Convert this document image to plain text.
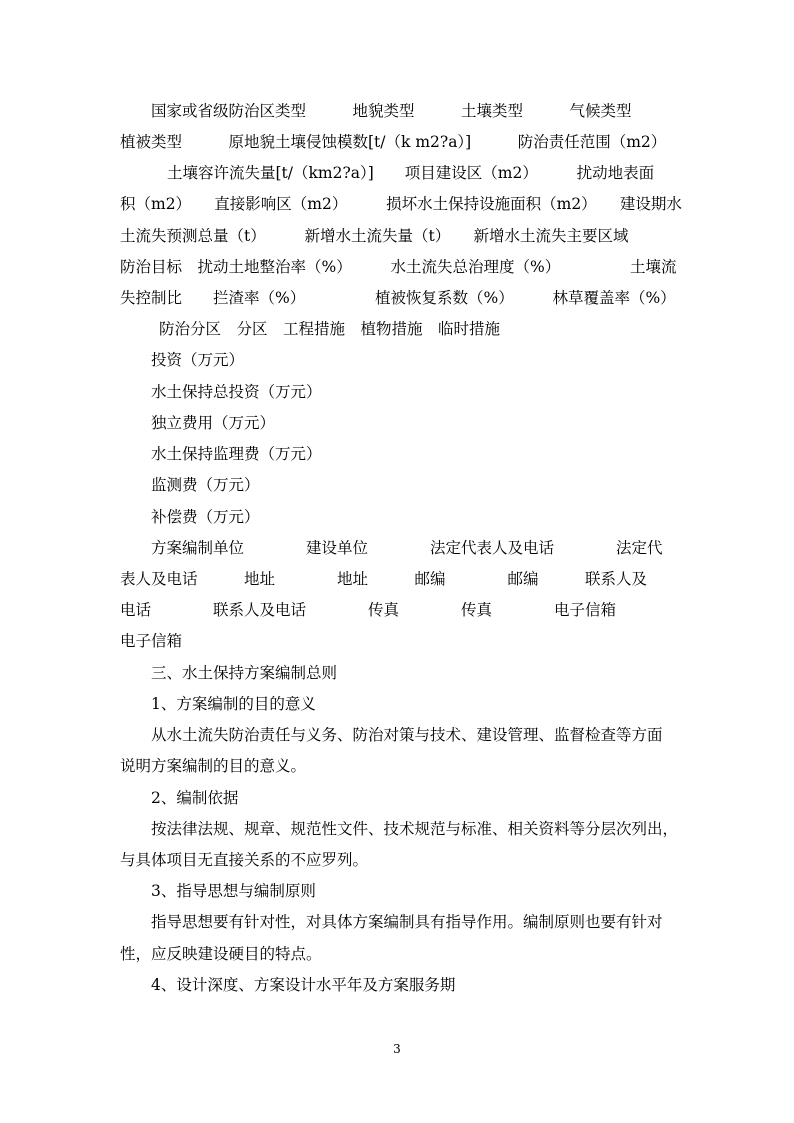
国家或省级防治区类型　　　地貌类型　　　土壤类型　　　气候类型
植被类型　　　原地貌土壤侵蚀模数[t/（k m2?a）]　　　防治责任范围（m2）
土壤容许流失量[t/（km2?a）]　　项目建设区（m2）　　　扰动地表面
积（m2）　　直接影响区（m2）　　　损坏水土保持设施面积（m2）　　建设期水
土流失预测总量（t）　　　新增水土流失量（t）　　新增水土流失主要区域
防治目标　扰动土地整治率（%）　　　水土流失总治理度（%）　　　　　土壤流
失控制比　　拦渣率（%）　　　　　植被恢复系数（%）　　　林草覆盖率（%）
防治分区　分区　工程措施　植物措施　临时措施
投资（万元）
水土保持总投资（万元）
独立费用（万元）
水土保持监理费（万元）
监测费（万元）
补偿费（万元）
方案编制单位　　　　建设单位　　　　法定代表人及电话　　　　法定代
表人及电话　　　地址　　　　地址　　　邮编　　　　邮编　　　联系人及
电话　　　　联系人及电话　　　　传真　　　　传真　　　　电子信箱
电子信箱
三、水土保持方案编制总则
1、方案编制的目的意义
从水土流失防治责任与义务、防治对策与技术、建设管理、监督检查等方面
说明方案编制的目的意义。
2、编制依据
按法律法规、规章、规范性文件、技术规范与标准、相关资料等分层次列出，
与具体项目无直接关系的不应罗列。
3、指导思想与编制原则
指导思想要有针对性，对具体方案编制具有指导作用。编制原则也要有针对
性，应反映建设硬目的特点。
4、设计深度、方案设计水平年及方案服务期
3
